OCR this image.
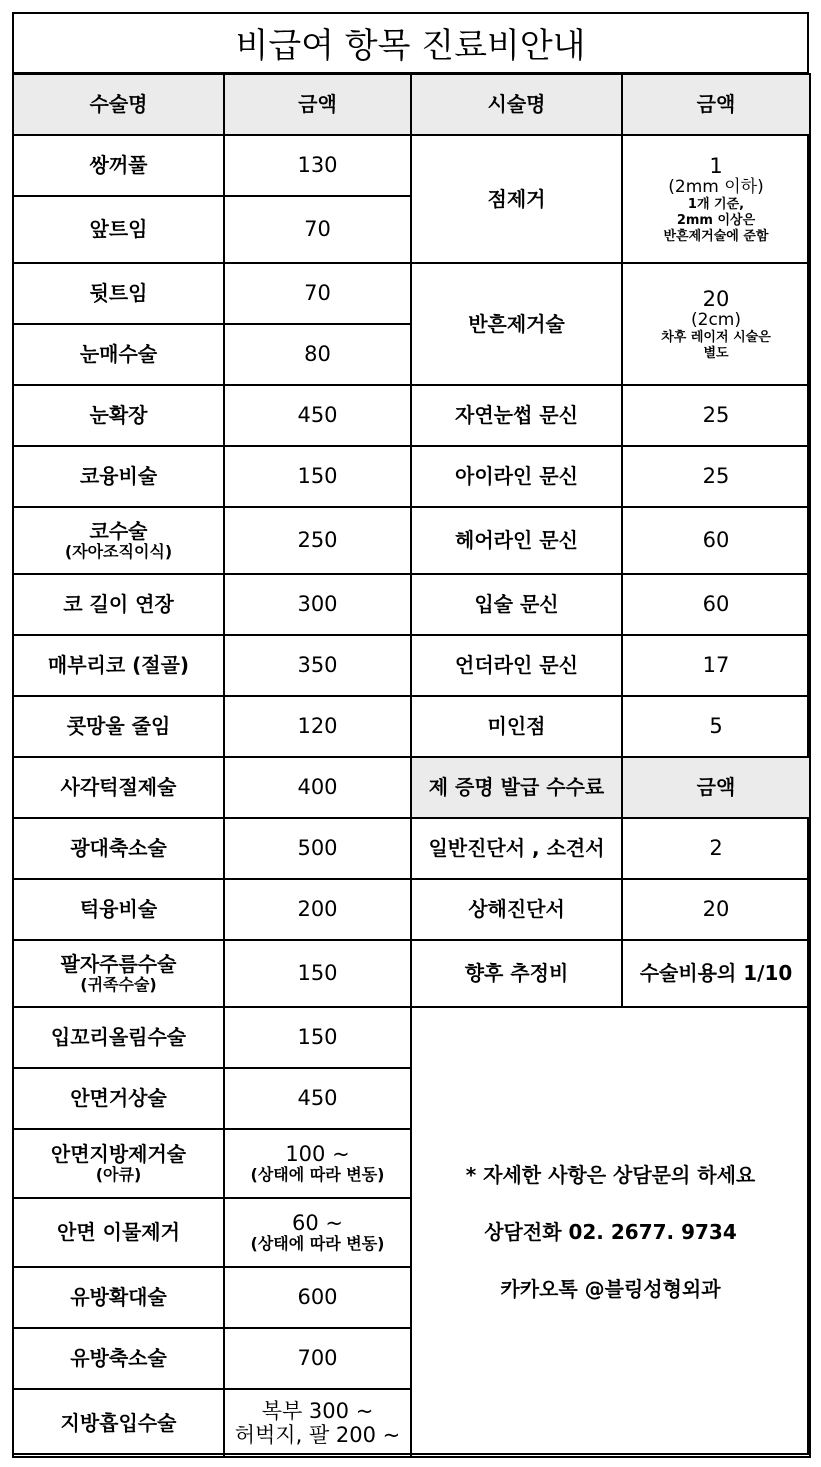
비급여 항목 진료비안내
수술명	금액	시술명	금액
쌍꺼풀	130	점제거	1
(2mm 이하)
1개 기준,
2mm 이상은
반흔제거술에 준함

앞트임	70		
뒷트임	70	반흔제거술	20
(2cm)
차후 레이저 시술은
별도

눈매수술	80		
눈확장	450	자연눈썹 문신	25
코융비술	150	아이라인 문신	25

코수술
(자아조직이식)	250	헤어라인 문신	60
코 길이 연장	300	입술 문신	60
매부리코 (절골)	350	언더라인 문신	17
콧망울 줄임	120	미인점	5
사각턱절제술	400	제 증명 발급 수수료	금액
광대축소술	500	일반진단서 , 소견서	2
턱융비술	200	상해진단서	20

팔자주름수술
(귀족수술)	150	향후 추정비	수술비용의 1/10
입꼬리올림수술	150	* 자세한 사항은 상담문의 하세요

상담전화 02. 2677. 9734

카카오톡 @블링성형외과	

안면거상술	450		

안면지방제거술
(아큐)	100 ~
(상태에 따라 변동)		

안면 이물제거	60 ~
(상태에 따라 변동)		

유방확대술	600		
유방축소술	700		
지방흡입수술	복부 300 ~
허벅지, 팔 200 ~		
